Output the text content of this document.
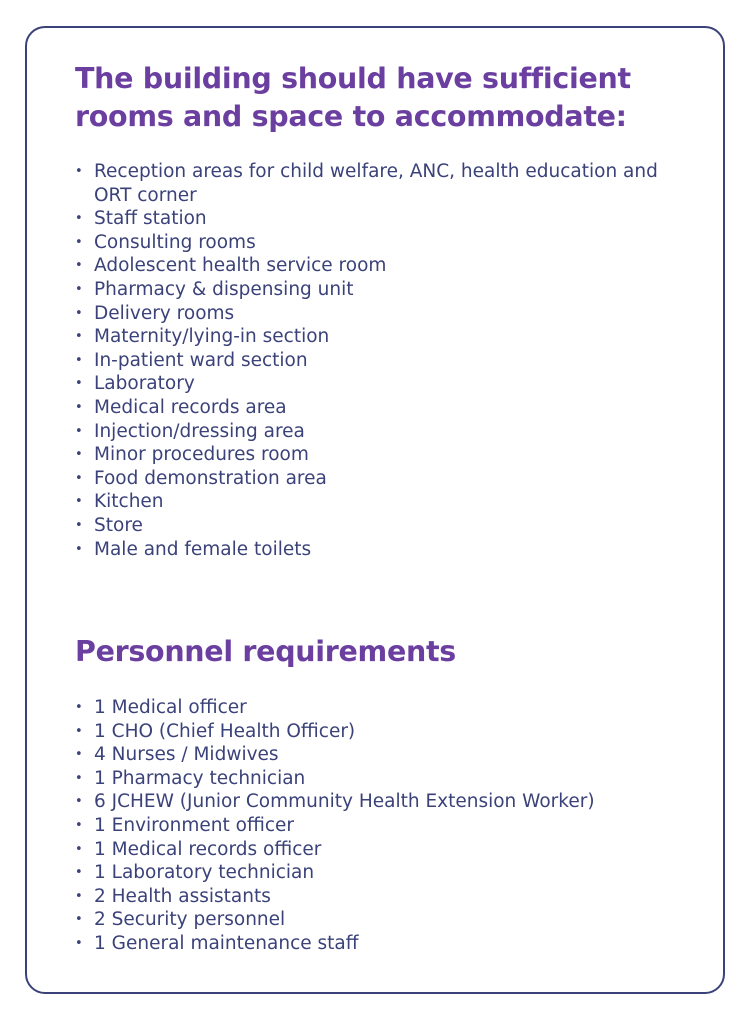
The building should have sufficient rooms and space to accommodate:
• Reception areas for child welfare, ANC, health education and ORT corner
• Staff station
• Consulting rooms
• Adolescent health service room
• Pharmacy & dispensing unit
• Delivery rooms
• Maternity/lying-in section
• In-patient ward section
• Laboratory
• Medical records area
• Injection/dressing area
• Minor procedures room
• Food demonstration area
• Kitchen
• Store
• Male and female toilets
Personnel requirements
• 1 Medical officer
• 1 CHO (Chief Health Officer)
• 4 Nurses / Midwives
• 1 Pharmacy technician
• 6 JCHEW (Junior Community Health Extension Worker)
• 1 Environment officer
• 1 Medical records officer
• 1 Laboratory technician
• 2 Health assistants
• 2 Security personnel
• 1 General maintenance staff
